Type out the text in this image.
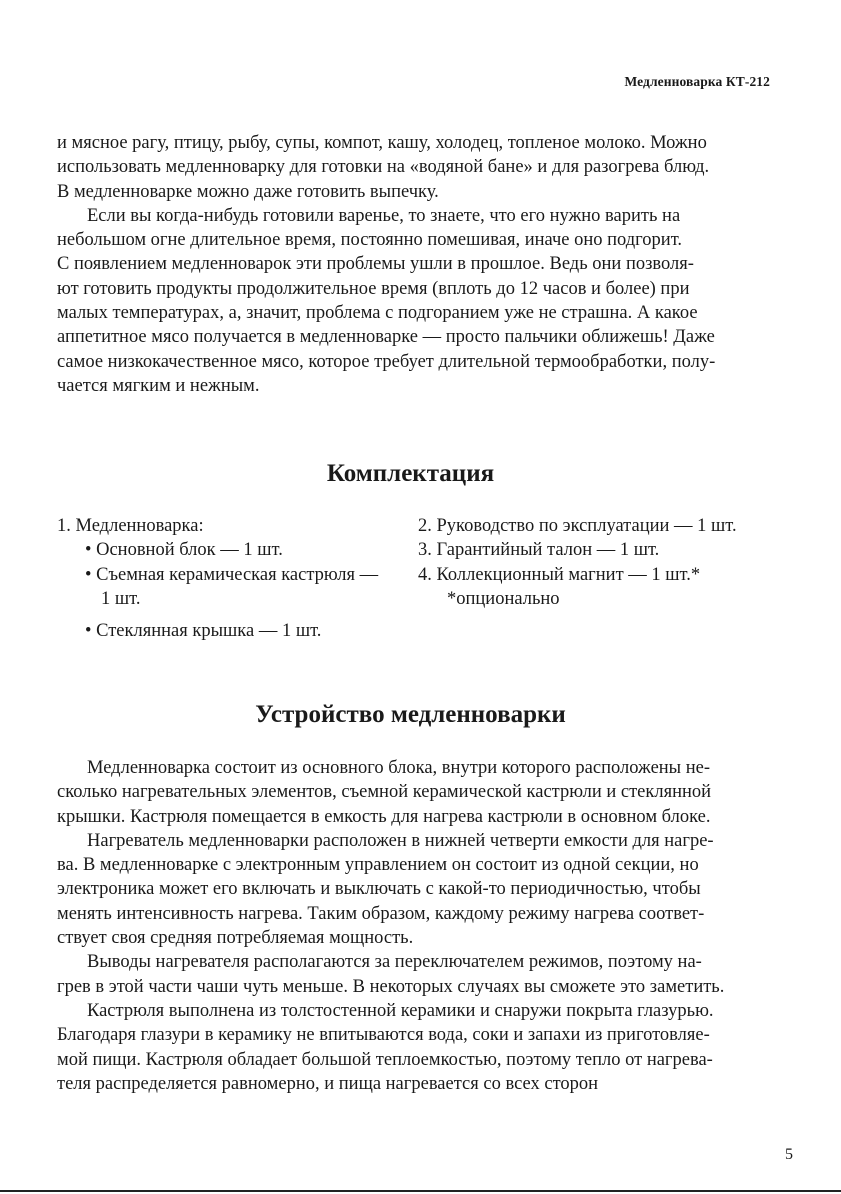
Медленноварка КТ-212
и мясное рагу, птицу, рыбу, супы, компот, кашу, холодец, топленое молоко. Можно
использовать медленноварку для готовки на «водяной бане» и для разогрева блюд.
В медленноварке можно даже готовить выпечку.
Если вы когда-нибудь готовили варенье, то знаете, что его нужно варить на
небольшом огне длительное время, постоянно помешивая, иначе оно подгорит.
С появлением медленноварок эти проблемы ушли в прошлое. Ведь они позволя-
ют готовить продукты продолжительное время (вплоть до 12 часов и более) при
малых температурах, а, значит, проблема с подгоранием уже не страшна. А какое
аппетитное мясо получается в медленноварке — просто пальчики оближешь! Даже
самое низкокачественное мясо, которое требует длительной термообработки, полу-
чается мягким и нежным.
Комплектация
1. Медленноварка:
• Основной блок — 1 шт.
• Съемная керамическая кастрюля —
1 шт.
• Стеклянная крышка — 1 шт.
2. Руководство по эксплуатации — 1 шт.
3. Гарантийный талон — 1 шт.
4. Коллекционный магнит — 1 шт.*
*опционально
Устройство медленноварки
Медленноварка состоит из основного блока, внутри которого расположены не-
сколько нагревательных элементов, съемной керамической кастрюли и стеклянной
крышки. Кастрюля помещается в емкость для нагрева кастрюли в основном блоке.
Нагреватель медленноварки расположен в нижней четверти емкости для нагре-
ва. В медленноварке с электронным управлением он состоит из одной секции, но
электроника может его включать и выключать с какой-то периодичностью, чтобы
менять интенсивность нагрева. Таким образом, каждому режиму нагрева соответ-
ствует своя средняя потребляемая мощность.
Выводы нагревателя располагаются за переключателем режимов, поэтому на-
грев в этой части чаши чуть меньше. В некоторых случаях вы сможете это заметить.
Кастрюля выполнена из толстостенной керамики и снаружи покрыта глазурью.
Благодаря глазури в керамику не впитываются вода, соки и запахи из приготовляе-
мой пищи. Кастрюля обладает большой теплоемкостью, поэтому тепло от нагрева-
теля распределяется равномерно, и пища нагревается со всех сторон
5
